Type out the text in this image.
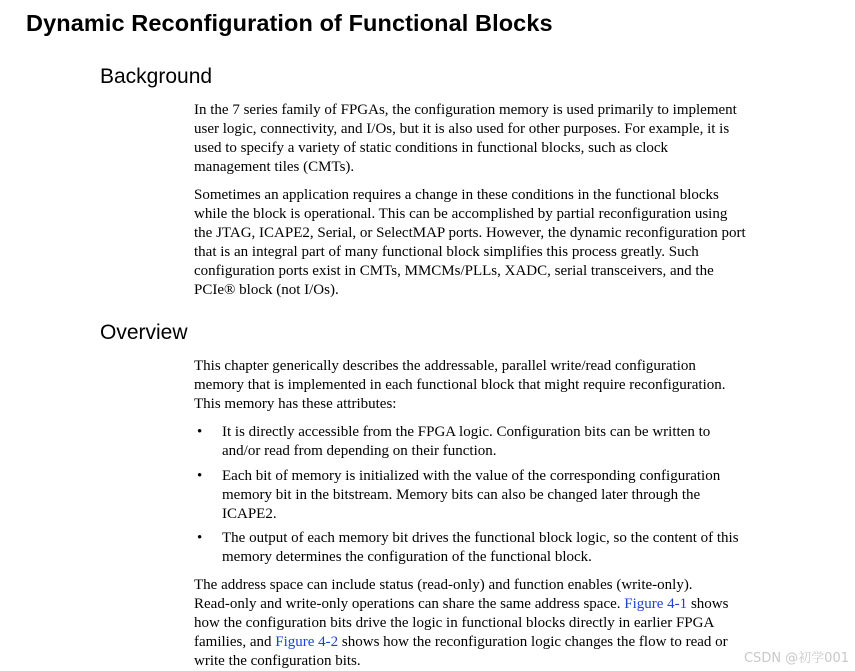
Dynamic Reconfiguration of Functional Blocks
Background
In the 7 series family of FPGAs, the configuration memory is used primarily to implement
user logic, connectivity, and I/Os, but it is also used for other purposes. For example, it is
used to specify a variety of static conditions in functional blocks, such as clock
management tiles (CMTs).
Sometimes an application requires a change in these conditions in the functional blocks
while the block is operational. This can be accomplished by partial reconfiguration using
the JTAG, ICAPE2, Serial, or SelectMAP ports. However, the dynamic reconfiguration port
that is an integral part of many functional block simplifies this process greatly. Such
configuration ports exist in CMTs, MMCMs/PLLs, XADC, serial transceivers, and the
PCIe® block (not I/Os).
Overview
This chapter generically describes the addressable, parallel write/read configuration
memory that is implemented in each functional block that might require reconfiguration.
This memory has these attributes:
• It is directly accessible from the FPGA logic. Configuration bits can be written to
and/or read from depending on their function.
• Each bit of memory is initialized with the value of the corresponding configuration
memory bit in the bitstream. Memory bits can also be changed later through the
ICAPE2.
• The output of each memory bit drives the functional block logic, so the content of this
memory determines the configuration of the functional block.
The address space can include status (read-only) and function enables (write-only).
Read-only and write-only operations can share the same address space. Figure 4-1 shows
how the configuration bits drive the logic in functional blocks directly in earlier FPGA
families, and Figure 4-2 shows how the reconfiguration logic changes the flow to read or
write the configuration bits.	CSDN @初学001
